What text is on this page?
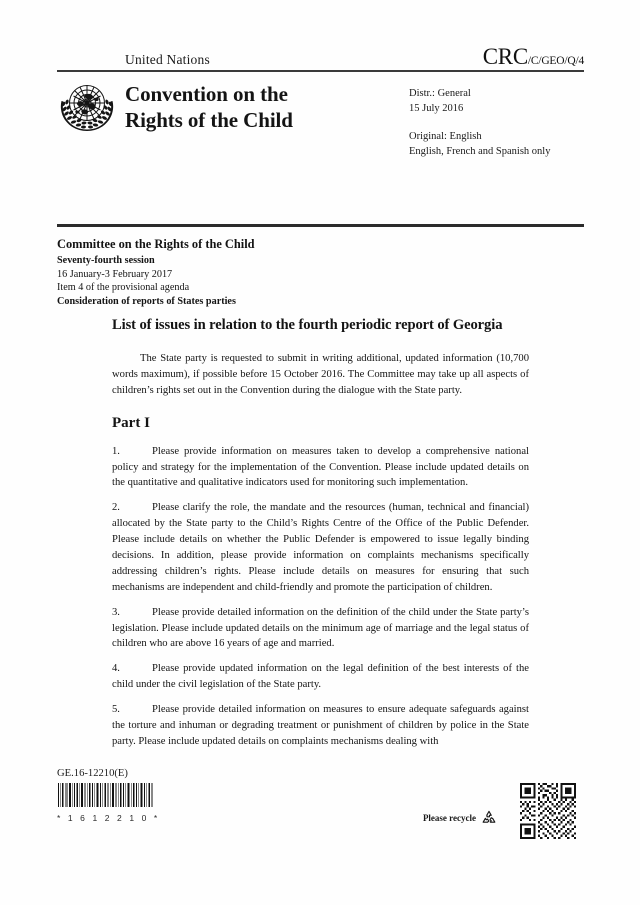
United Nations	CRC/C/GEO/Q/4
Convention on the
Rights of the Child
Distr.: General
15 July 2016
Original: English
English, French and Spanish only
Committee on the Rights of the Child
Seventy-fourth session
16 January-3 February 2017
Item 4 of the provisional agenda
Consideration of reports of States parties
List of issues in relation to the fourth periodic report of Georgia

The State party is requested to submit in writing additional, updated information (10,700 words maximum), if possible before 15 October 2016. The Committee may take up all aspects of children’s rights set out in the Convention during the dialogue with the State party.

Part I

1.	Please provide information on measures taken to develop a comprehensive national policy and strategy for the implementation of the Convention. Please include updated details on the quantitative and qualitative indicators used for monitoring such implementation.

2.	Please clarify the role, the mandate and the resources (human, technical and financial) allocated by the State party to the Child’s Rights Centre of the Office of the Public Defender. Please include details on whether the Public Defender is empowered to issue legally binding decisions. In addition, please provide information on complaints mechanisms specifically addressing children’s rights. Please include details on measures for ensuring that such mechanisms are independent and child-friendly and promote the participation of children.

3.	Please provide detailed information on the definition of the child under the State party’s legislation. Please include updated details on the minimum age of marriage and the legal status of children who are above 16 years of age and married.

4.	Please provide updated information on the legal definition of the best interests of the child under the civil legislation of the State party.

5.	Please provide detailed information on measures to ensure adequate safeguards against the torture and inhuman or degrading treatment or punishment of children by police in the State party. Please include updated details on complaints mechanisms dealing with

GE.16-12210(E)
* 1 6 1 2 2 1 0 *	Please recycle
